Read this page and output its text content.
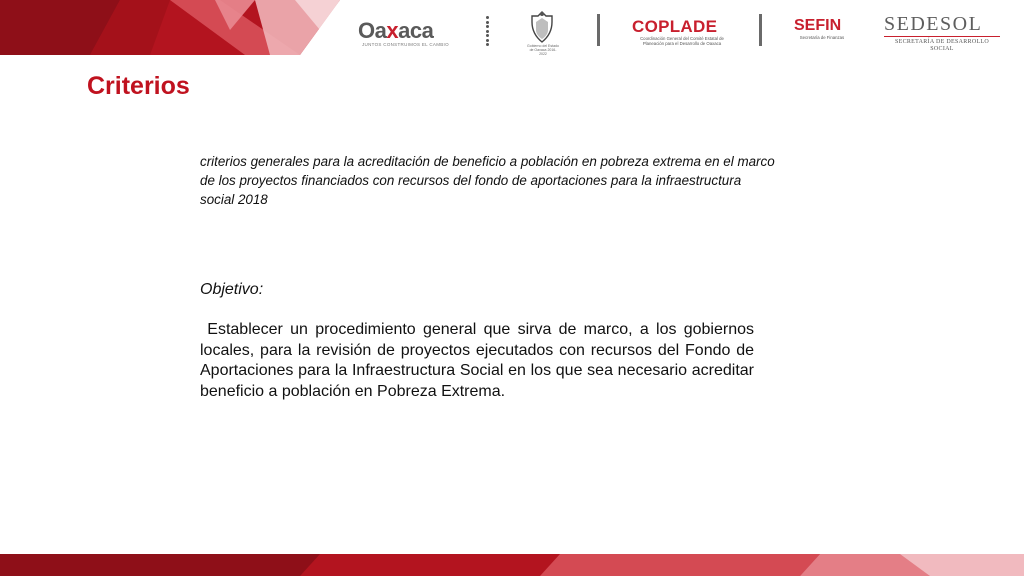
Oaxaca
JUNTOS CONSTRUIMOS EL CAMBIO	Gobierno del Estado de Oaxaca 2016-2022
COPLADE
Coordinación General del Comité Estatal de Planeación para el Desarrollo de Oaxaca
SEFIN
Secretaría de Finanzas
SEDESOL
SECRETARÍA DE DESARROLLO SOCIAL
Criterios

criterios generales para la acreditación de beneficio a población en pobreza extrema en el marco de los proyectos financiados con recursos del fondo de aportaciones para la infraestructura social 2018

Objetivo:

Establecer un procedimiento general que sirva de marco, a los gobiernos locales, para la revisión de proyectos ejecutados con recursos del Fondo de Aportaciones para la Infraestructura Social en los que sea necesario acreditar beneficio a población en Pobreza Extrema.
